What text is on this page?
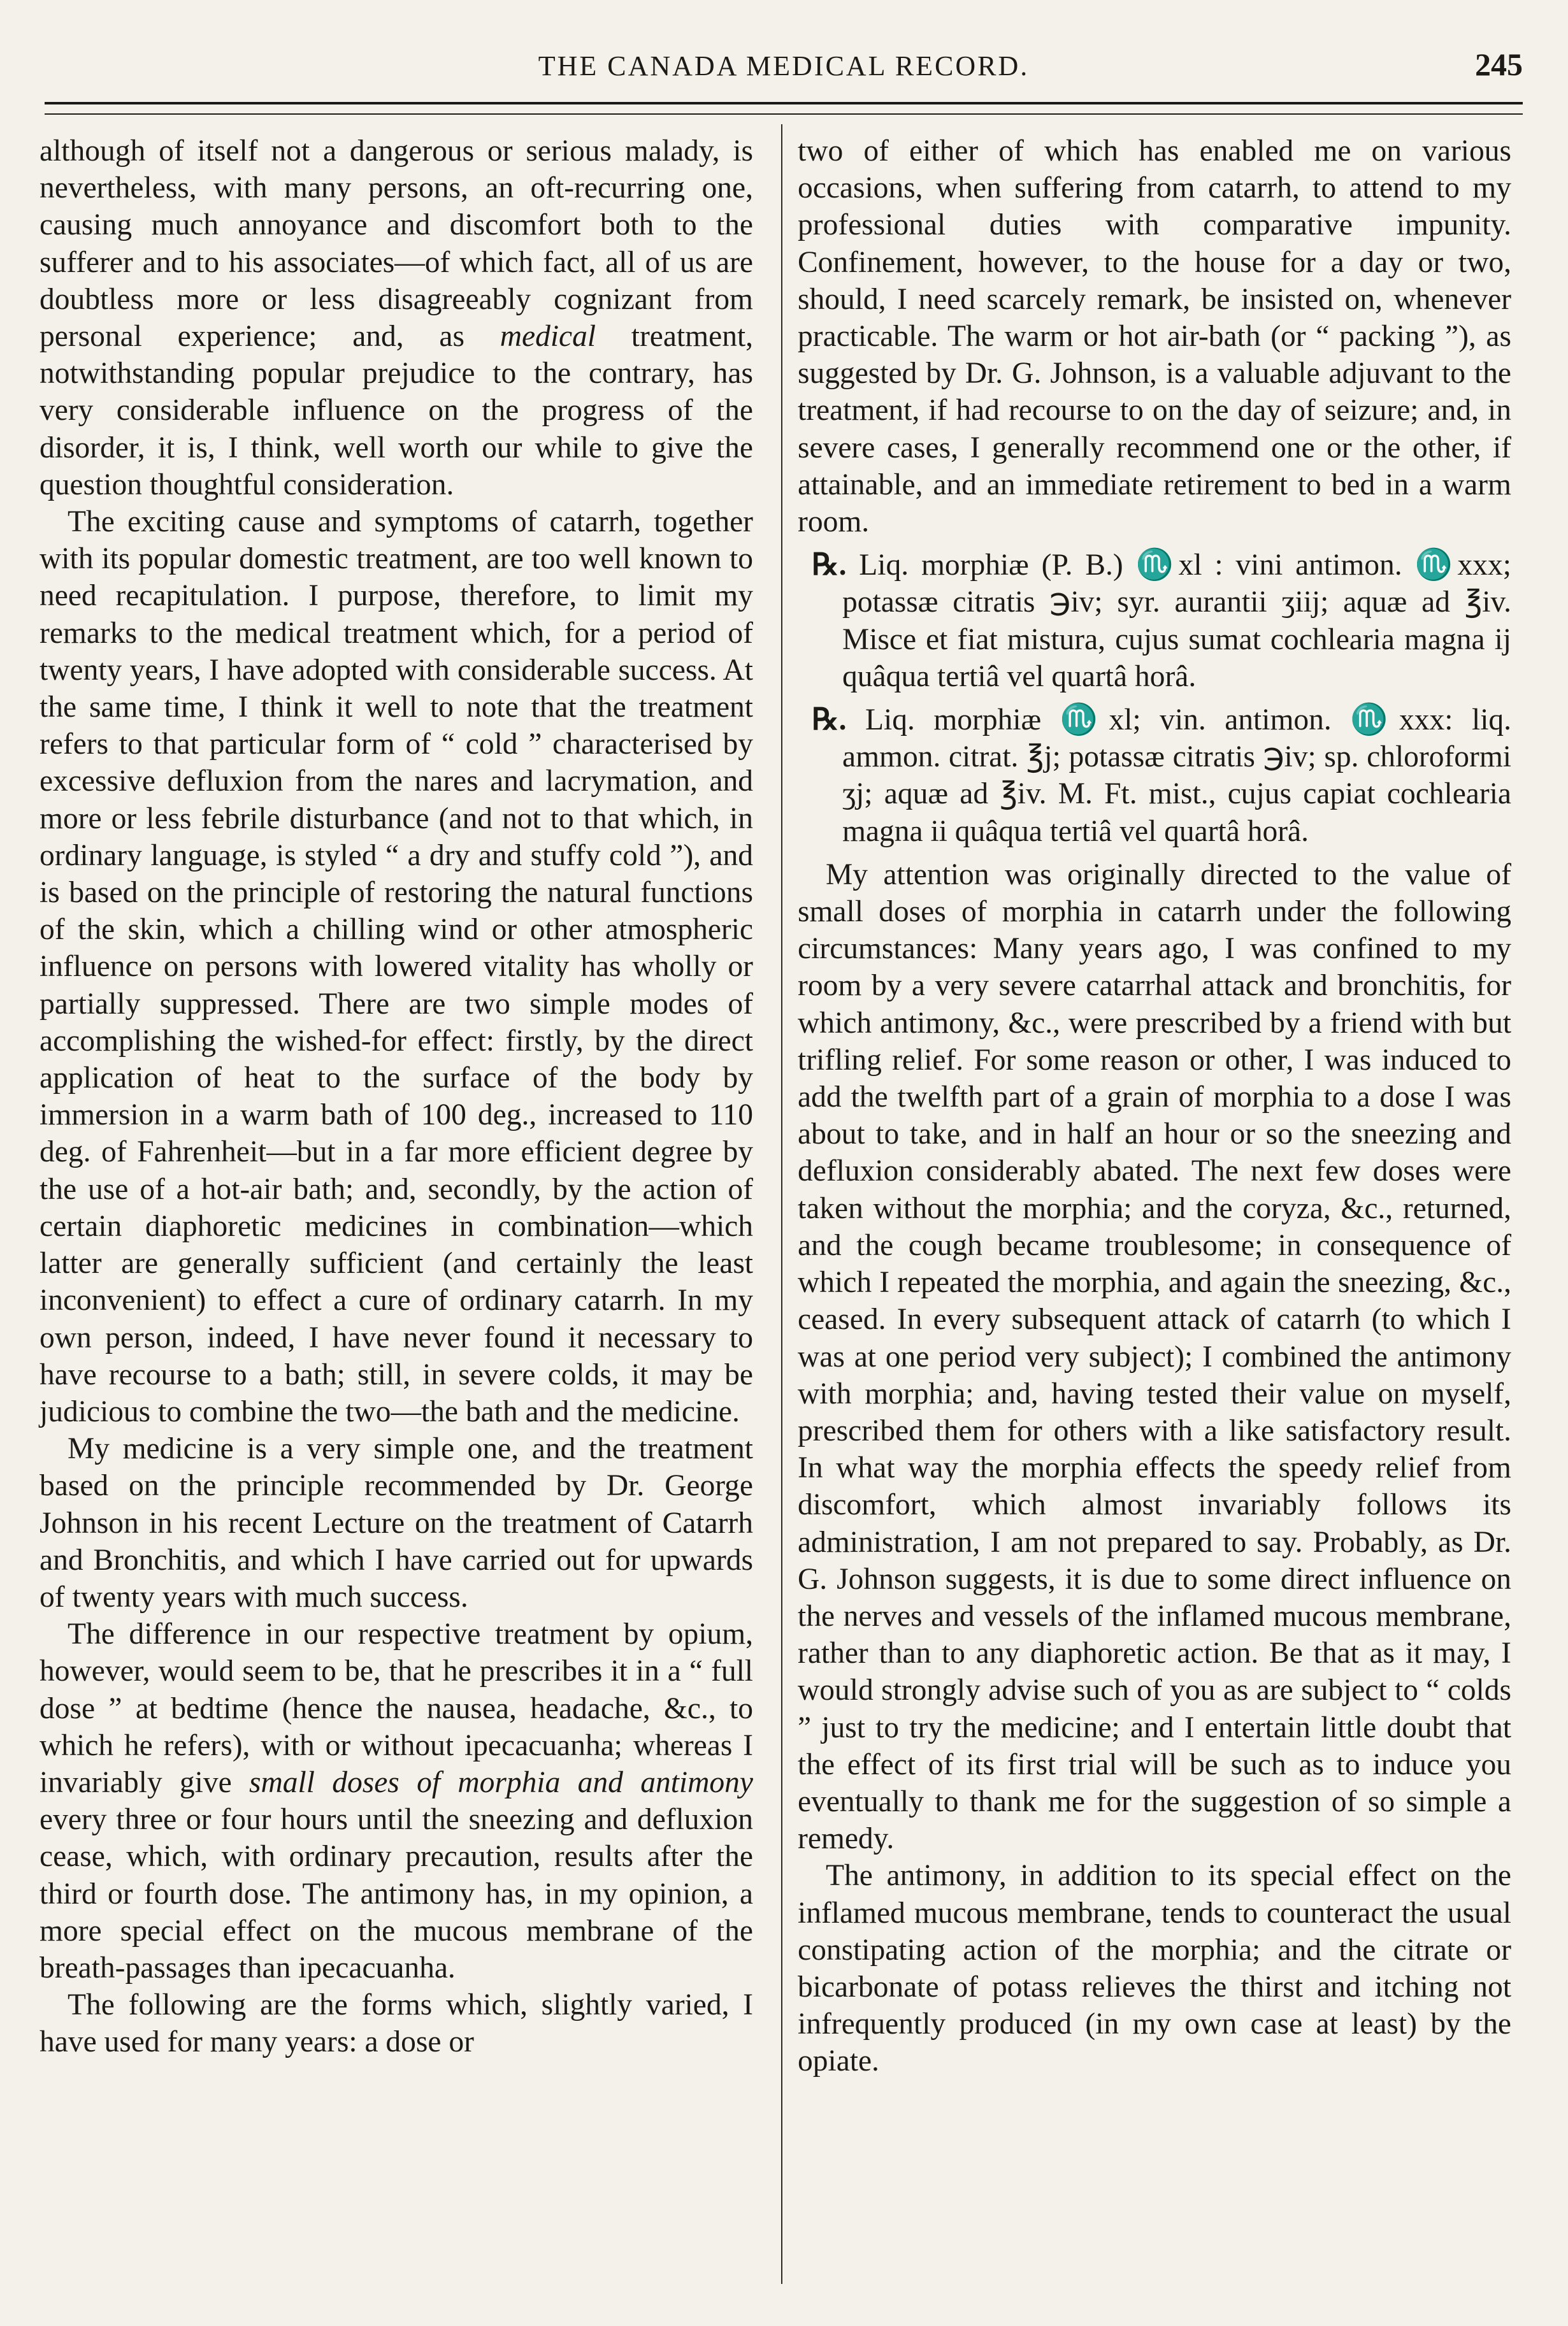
THE CANADA MEDICAL RECORD.	245

although of itself not a dangerous or serious malady, is nevertheless, with many persons, an oft-recurring one, causing much annoyance and discomfort both to the sufferer and to his associates—of which fact, all of us are doubtless more or less disagreeably cognizant from personal experience; and, as medical treatment, notwithstanding popular prejudice to the contrary, has very considerable influence on the progress of the disorder, it is, I think, well worth our while to give the question thoughtful consideration.

The exciting cause and symptoms of catarrh, together with its popular domestic treatment, are too well known to need recapitulation. I purpose, therefore, to limit my remarks to the medical treatment which, for a period of twenty years, I have adopted with considerable success. At the same time, I think it well to note that the treatment refers to that particular form of “ cold ” characterised by excessive defluxion from the nares and lacrymation, and more or less febrile disturbance (and not to that which, in ordinary language, is styled “ a dry and stuffy cold ”), and is based on the principle of restoring the natural functions of the skin, which a chilling wind or other atmospheric influence on persons with lowered vitality has wholly or partially suppressed. There are two simple modes of accomplishing the wished-for effect: firstly, by the direct application of heat to the surface of the body by immersion in a warm bath of 100 deg., increased to 110 deg. of Fahrenheit—but in a far more efficient degree by the use of a hot-air bath; and, secondly, by the action of certain diaphoretic medicines in combination—which latter are generally sufficient (and certainly the least inconvenient) to effect a cure of ordinary catarrh. In my own person, indeed, I have never found it necessary to have recourse to a bath; still, in severe colds, it may be judicious to combine the two—the bath and the medicine.

My medicine is a very simple one, and the treatment based on the principle recommended by Dr. George Johnson in his recent Lecture on the treatment of Catarrh and Bronchitis, and which I have carried out for upwards of twenty years with much success.

The difference in our respective treatment by opium, however, would seem to be, that he prescribes it in a “ full dose ” at bedtime (hence the nausea, headache, &c., to which he refers), with or without ipecacuanha; whereas I invariably give small doses of morphia and antimony every three or four hours until the sneezing and defluxion cease, which, with ordinary precaution, results after the third or fourth dose. The antimony has, in my opinion, a more special effect on the mucous membrane of the breath-passages than ipecacuanha.

The following are the forms which, slightly varied, I have used for many years: a dose or

two of either of which has enabled me on various occasions, when suffering from catarrh, to attend to my professional duties with comparative impunity. Confinement, however, to the house for a day or two, should, I need scarcely remark, be insisted on, whenever practicable. The warm or hot air-bath (or “ packing ”), as suggested by Dr. G. Johnson, is a valuable adjuvant to the treatment, if had recourse to on the day of seizure; and, in severe cases, I generally recommend one or the other, if attainable, and an immediate retirement to bed in a warm room.

℞. Liq. morphiæ (P. B.) ♏xl : vini antimon. ♏xxx; potassæ citratis ℈iv; syr. aurantii ʒiij; aquæ ad ℥iv. Misce et fiat mistura, cujus sumat cochlearia magna ij quâqua tertiâ vel quartâ horâ.

℞. Liq. morphiæ ♏xl; vin. antimon. ♏xxx: liq. ammon. citrat. ℥j; potassæ citratis ℈iv; sp. chloroformi ʒj; aquæ ad ℥iv. M. Ft. mist., cujus capiat cochlearia magna ii quâqua tertiâ vel quartâ horâ.

My attention was originally directed to the value of small doses of morphia in catarrh under the following circumstances: Many years ago, I was confined to my room by a very severe catarrhal attack and bronchitis, for which antimony, &c., were prescribed by a friend with but trifling relief. For some reason or other, I was induced to add the twelfth part of a grain of morphia to a dose I was about to take, and in half an hour or so the sneezing and defluxion considerably abated. The next few doses were taken without the morphia; and the coryza, &c., returned, and the cough became troublesome; in consequence of which I repeated the morphia, and again the sneezing, &c., ceased. In every subsequent attack of catarrh (to which I was at one period very subject); I combined the antimony with morphia; and, having tested their value on myself, prescribed them for others with a like satisfactory result. In what way the morphia effects the speedy relief from discomfort, which almost invariably follows its administration, I am not prepared to say. Probably, as Dr. G. Johnson suggests, it is due to some direct influence on the nerves and vessels of the inflamed mucous membrane, rather than to any diaphoretic action. Be that as it may, I would strongly advise such of you as are subject to “ colds ” just to try the medicine; and I entertain little doubt that the effect of its first trial will be such as to induce you eventually to thank me for the suggestion of so simple a remedy.

The antimony, in addition to its special effect on the inflamed mucous membrane, tends to counteract the usual constipating action of the morphia; and the citrate or bicarbonate of potass relieves the thirst and itching not infrequently produced (in my own case at least) by the opiate.
